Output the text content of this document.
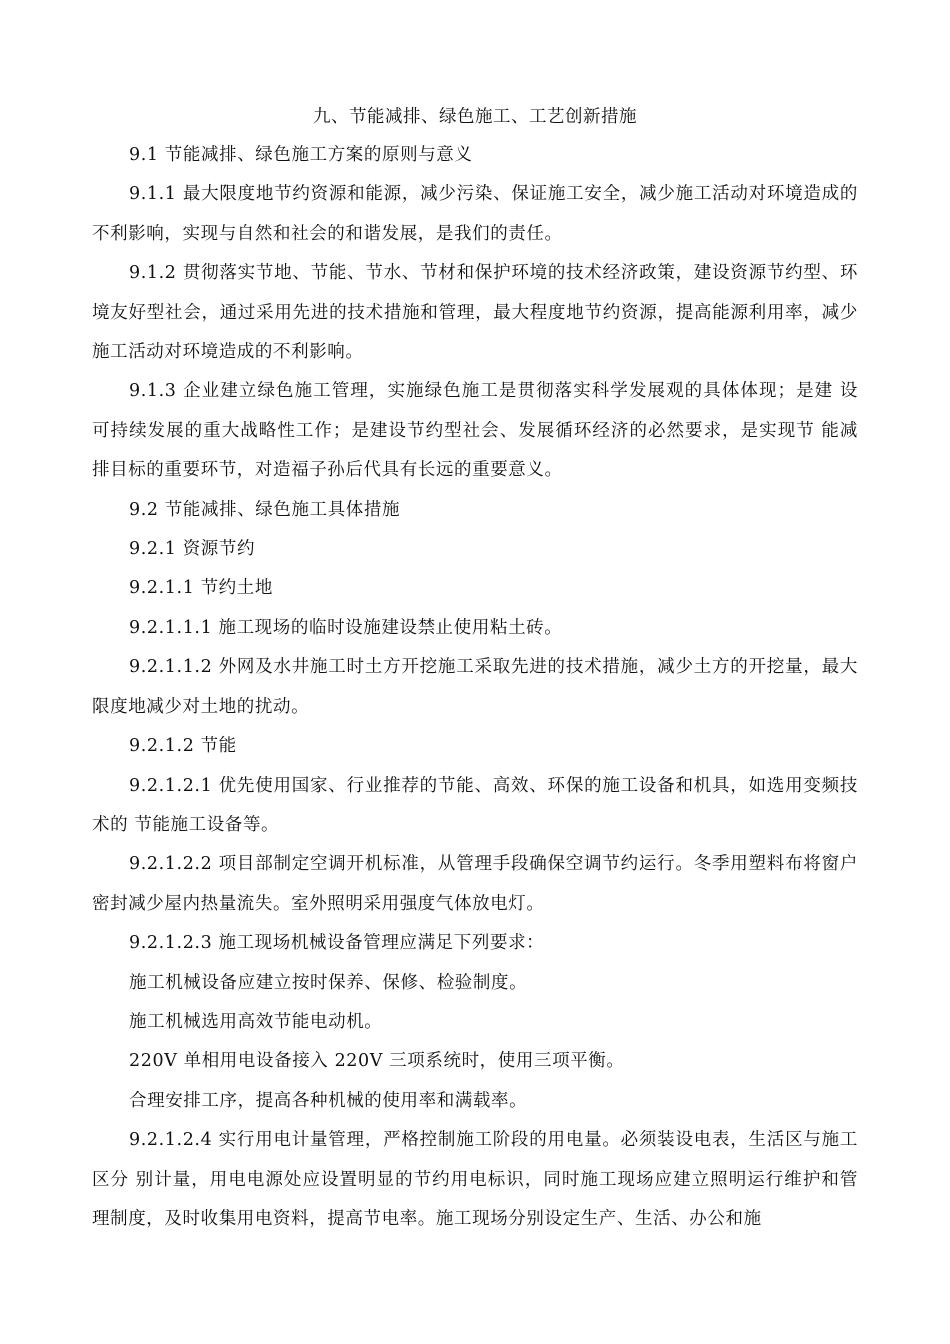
九、节能减排、绿色施工、工艺创新措施

9.1 节能减排、绿色施工方案的原则与意义

9.1.1 最大限度地节约资源和能源，减少污染、保证施工安全，减少施工活动对环境造成的 不利影响，实现与自然和社会的和谐发展，是我们的责任。

9.1.2 贯彻落实节地、节能、节水、节材和保护环境的技术经济政策，建设资源节约型、环 境友好型社会，通过采用先进的技术措施和管理，最大程度地节约资源，提高能源利用率，减少施工活动对环境造成的不利影响。

9.1.3 企业建立绿色施工管理，实施绿色施工是贯彻落实科学发展观的具体体现；是建 设可持续发展的重大战略性工作；是建设节约型社会、发展循环经济的必然要求，是实现节 能减排目标的重要环节，对造福子孙后代具有长远的重要意义。

9.2 节能减排、绿色施工具体措施

9.2.1 资源节约

9.2.1.1 节约土地

9.2.1.1.1 施工现场的临时设施建设禁止使用粘土砖。

9.2.1.1.2 外网及水井施工时土方开挖施工采取先进的技术措施，减少土方的开挖量，最大限度地减少对土地的扰动。

9.2.1.2 节能

9.2.1.2.1 优先使用国家、行业推荐的节能、高效、环保的施工设备和机具，如选用变频技术的 节能施工设备等。

9.2.1.2.2 项目部制定空调开机标准，从管理手段确保空调节约运行。冬季用塑料布将窗户 密封减少屋内热量流失。室外照明采用强度气体放电灯。

9.2.1.2.3 施工现场机械设备管理应满足下列要求：

施工机械设备应建立按时保养、保修、检验制度。

施工机械选用高效节能电动机。

220V 单相用电设备接入 220V 三项系统时，使用三项平衡。

合理安排工序，提高各种机械的使用率和满载率。

9.2.1.2.4 实行用电计量管理，严格控制施工阶段的用电量。必须装设电表，生活区与施工区分 别计量，用电电源处应设置明显的节约用电标识，同时施工现场应建立照明运行维护和管理制度，及时收集用电资料，提高节电率。施工现场分别设定生产、生活、办公和施
